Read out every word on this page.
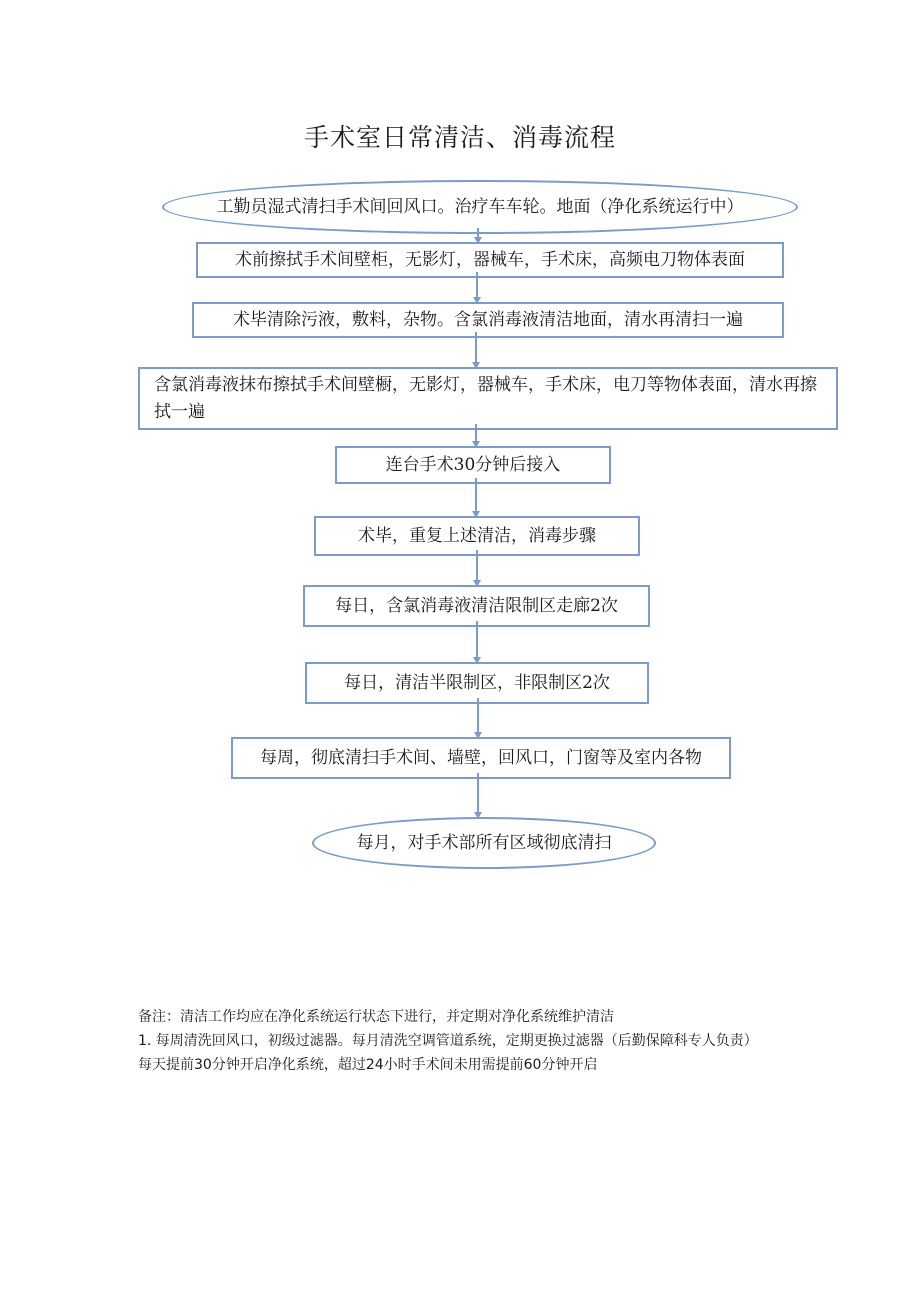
手术室日常清洁、消毒流程
工勤员湿式清扫手术间回风口。治疗车车轮。地面（净化系统运行中）
术前擦拭手术间壁柜，无影灯，器械车，手术床，高频电刀物体表面
术毕清除污液，敷料，杂物。含氯消毒液清洁地面，清水再清扫一遍
含氯消毒液抹布擦拭手术间壁橱，无影灯，器械车，手术床，电刀等物体表面，清水再擦拭一遍
连台手术30分钟后接入
术毕，重复上述清洁，消毒步骤
每日，含氯消毒液清洁限制区走廊2次
每日，清洁半限制区，非限制区2次
每周，彻底清扫手术间、墙壁，回风口，门窗等及室内各物
每月，对手术部所有区域彻底清扫

备注：清洁工作均应在净化系统运行状态下进行，并定期对净化系统维护清洁

1. 每周清洗回风口，初级过滤器。每月清洗空调管道系统，定期更换过滤器（后勤保障科专人负责）

每天提前30分钟开启净化系统，超过24小时手术间未用需提前60分钟开启
